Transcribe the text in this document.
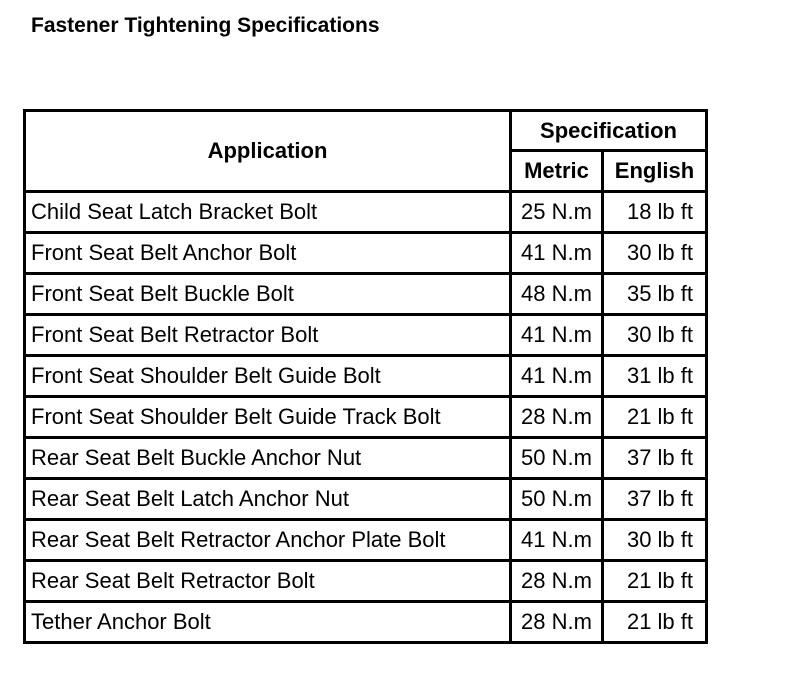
Fastener Tightening Specifications
Application	Specification	
	Metric	English
Child Seat Latch Bracket Bolt	25 N.m	18 lb ft
Front Seat Belt Anchor Bolt	41 N.m	30 lb ft
Front Seat Belt Buckle Bolt	48 N.m	35 lb ft
Front Seat Belt Retractor Bolt	41 N.m	30 lb ft
Front Seat Shoulder Belt Guide Bolt	41 N.m	31 lb ft
Front Seat Shoulder Belt Guide Track Bolt	28 N.m	21 lb ft
Rear Seat Belt Buckle Anchor Nut	50 N.m	37 lb ft
Rear Seat Belt Latch Anchor Nut	50 N.m	37 lb ft
Rear Seat Belt Retractor Anchor Plate Bolt	41 N.m	30 lb ft
Rear Seat Belt Retractor Bolt	28 N.m	21 lb ft
Tether Anchor Bolt	28 N.m	21 lb ft
